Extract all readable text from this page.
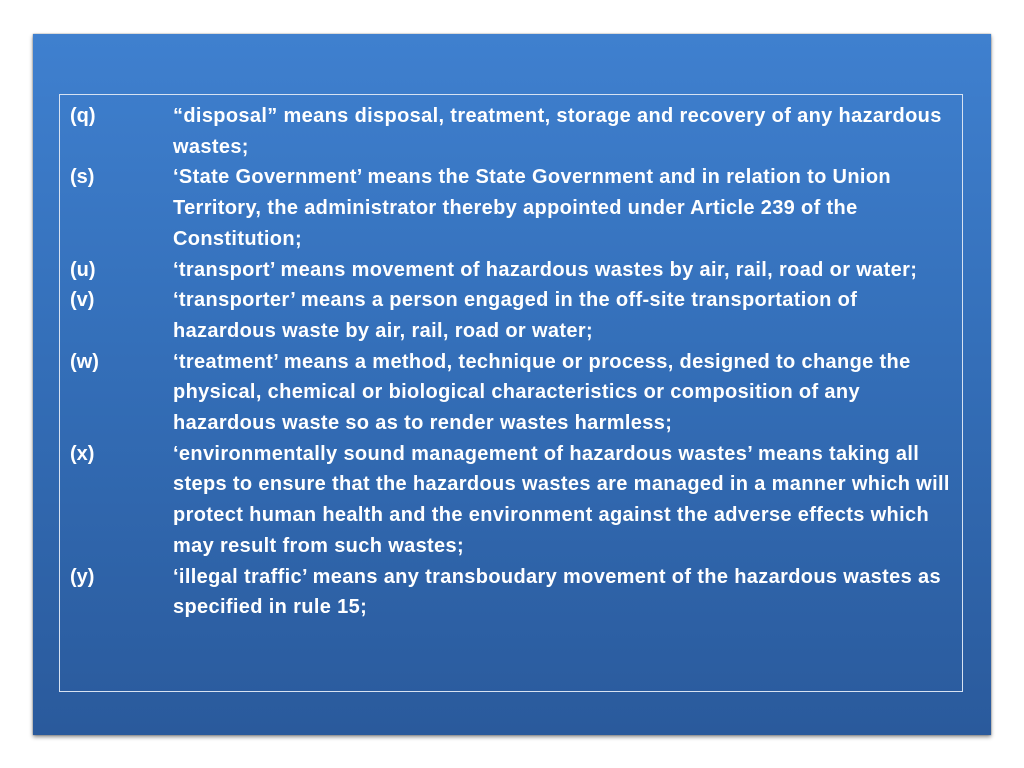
(q)	“disposal” means disposal, treatment, storage and recovery of any hazardous wastes;
(s)	‘State Government’ means the State Government and in relation to Union Territory, the administrator thereby appointed under Article 239 of the Constitution;
(u)	‘transport’ means movement of hazardous wastes by air, rail, road or water;
(v)	‘transporter’ means a person engaged in the off-site transportation of  hazardous waste by air, rail, road or water;
(w)	‘treatment’ means a method, technique or process, designed to change the physical, chemical or biological characteristics or composition of any hazardous waste so as to render wastes harmless;
(x)	‘environmentally sound management of hazardous wastes’ means taking all steps to ensure that the hazardous wastes are managed in a manner which will protect human health and the environment against the adverse effects which may result from such wastes;
(y)	‘illegal traffic’ means any transboudary movement of the hazardous wastes as specified in rule 15;
